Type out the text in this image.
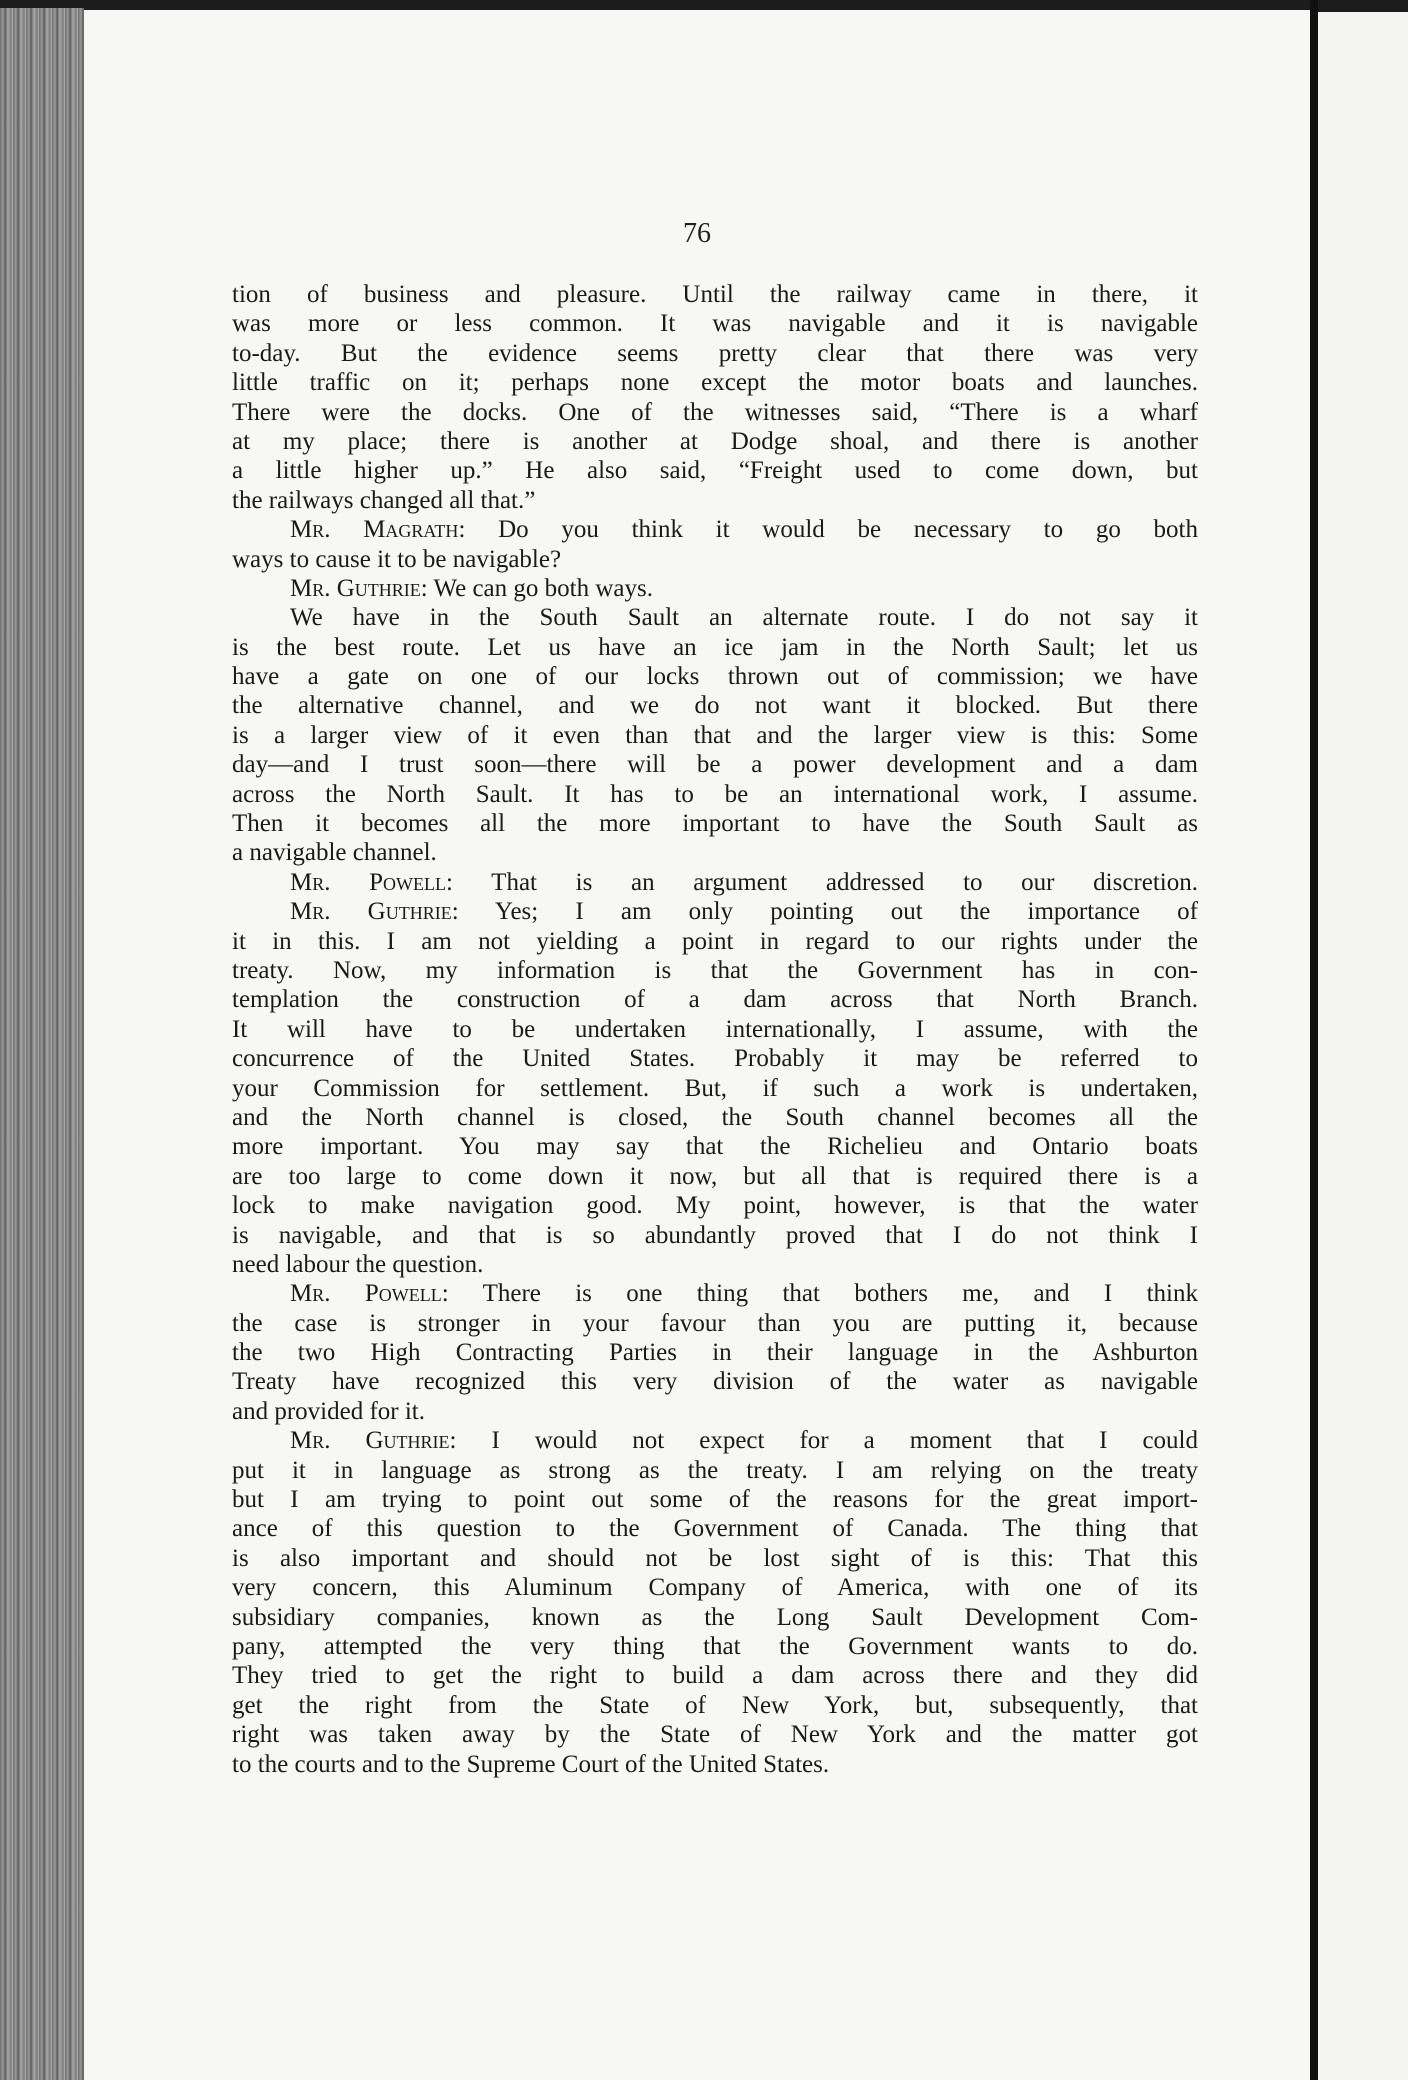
76
tion of business and pleasure. Until the railway came in there, it
was more or less common. It was navigable and it is navigable
to-day. But the evidence seems pretty clear that there was very
little traffic on it; perhaps none except the motor boats and launches.
There were the docks. One of the witnesses said, “There is a wharf
at my place; there is another at Dodge shoal, and there is another
a little higher up.” He also said, “Freight used to come down, but
the railways changed all that.”
Mr. Magrath: Do you think it would be necessary to go both
ways to cause it to be navigable?
Mr. Guthrie: We can go both ways.
We have in the South Sault an alternate route. I do not say it
is the best route. Let us have an ice jam in the North Sault; let us
have a gate on one of our locks thrown out of commission; we have
the alternative channel, and we do not want it blocked. But there
is a larger view of it even than that and the larger view is this: Some
day—and I trust soon—there will be a power development and a dam
across the North Sault. It has to be an international work, I assume.
Then it becomes all the more important to have the South Sault as
a navigable channel.
Mr. Powell: That is an argument addressed to our discretion.
Mr. Guthrie: Yes; I am only pointing out the importance of
it in this. I am not yielding a point in regard to our rights under the
treaty. Now, my information is that the Government has in con-
templation the construction of a dam across that North Branch.
It will have to be undertaken internationally, I assume, with the
concurrence of the United States. Probably it may be referred to
your Commission for settlement. But, if such a work is undertaken,
and the North channel is closed, the South channel becomes all the
more important. You may say that the Richelieu and Ontario boats
are too large to come down it now, but all that is required there is a
lock to make navigation good. My point, however, is that the water
is navigable, and that is so abundantly proved that I do not think I
need labour the question.
Mr. Powell: There is one thing that bothers me, and I think
the case is stronger in your favour than you are putting it, because
the two High Contracting Parties in their language in the Ashburton
Treaty have recognized this very division of the water as navigable
and provided for it.
Mr. Guthrie: I would not expect for a moment that I could
put it in language as strong as the treaty. I am relying on the treaty
but I am trying to point out some of the reasons for the great import-
ance of this question to the Government of Canada. The thing that
is also important and should not be lost sight of is this: That this
very concern, this Aluminum Company of America, with one of its
subsidiary companies, known as the Long Sault Development Com-
pany, attempted the very thing that the Government wants to do.
They tried to get the right to build a dam across there and they did
get the right from the State of New York, but, subsequently, that
right was taken away by the State of New York and the matter got
to the courts and to the Supreme Court of the United States.
